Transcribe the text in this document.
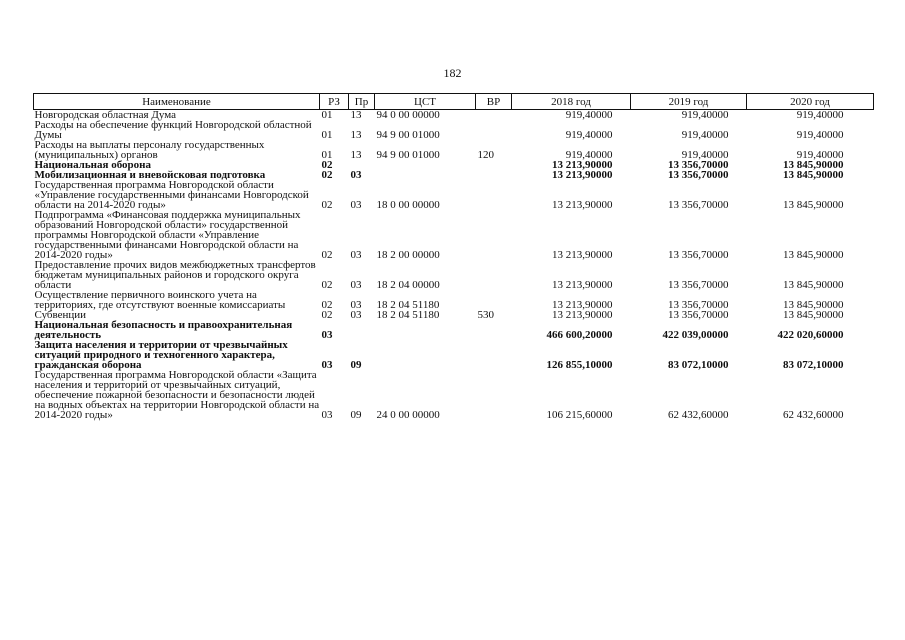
182
Наименование	РЗ	Пр	ЦСТ	ВР	2018 год	2019 год	2020 год
Новгородская областная Дума	01	13	94 0 00 00000		919,40000	919,40000	919,40000
Расходы на обеспечение функций Новгородской областной Думы	01	13	94 9 00 01000		919,40000	919,40000	919,40000
Расходы на выплаты персоналу государственных (муниципальных) органов	01	13	94 9 00 01000	120	919,40000	919,40000	919,40000
Национальная оборона	02				13 213,90000	13 356,70000	13 845,90000
Мобилизационная и вневойсковая подготовка	02	03			13 213,90000	13 356,70000	13 845,90000
Государственная программа Новгородской области «Управление государственными финансами Новгородской области на 2014-2020 годы»	02	03	18 0 00 00000		13 213,90000	13 356,70000	13 845,90000
Подпрограмма «Финансовая поддержка муниципальных образований Новгородской области» государственной программы Новгородской области «Управление государственными финансами Новгородской области на 2014-2020 годы»	02	03	18 2 00 00000		13 213,90000	13 356,70000	13 845,90000
Предоставление прочих видов межбюджетных трансфертов бюджетам муниципальных районов и городского округа области	02	03	18 2 04 00000		13 213,90000	13 356,70000	13 845,90000
Осуществление первичного воинского учета на территориях, где отсутствуют военные комиссариаты	02	03	18 2 04 51180		13 213,90000	13 356,70000	13 845,90000
Субвенции	02	03	18 2 04 51180	530	13 213,90000	13 356,70000	13 845,90000
Национальная безопасность и правоохранительная деятельность	03				466 600,20000	422 039,00000	422 020,60000
Защита населения и территории от чрезвычайных ситуаций природного и техногенного характера, гражданская оборона	03	09			126 855,10000	83 072,10000	83 072,10000
Государственная программа Новгородской области «Защита населения и территорий от чрезвычайных ситуаций, обеспечение пожарной безопасности и безопасности людей на водных объектах на территории Новгородской области на 2014-2020 годы»	03	09	24 0 00 00000		106 215,60000	62 432,60000	62 432,60000
